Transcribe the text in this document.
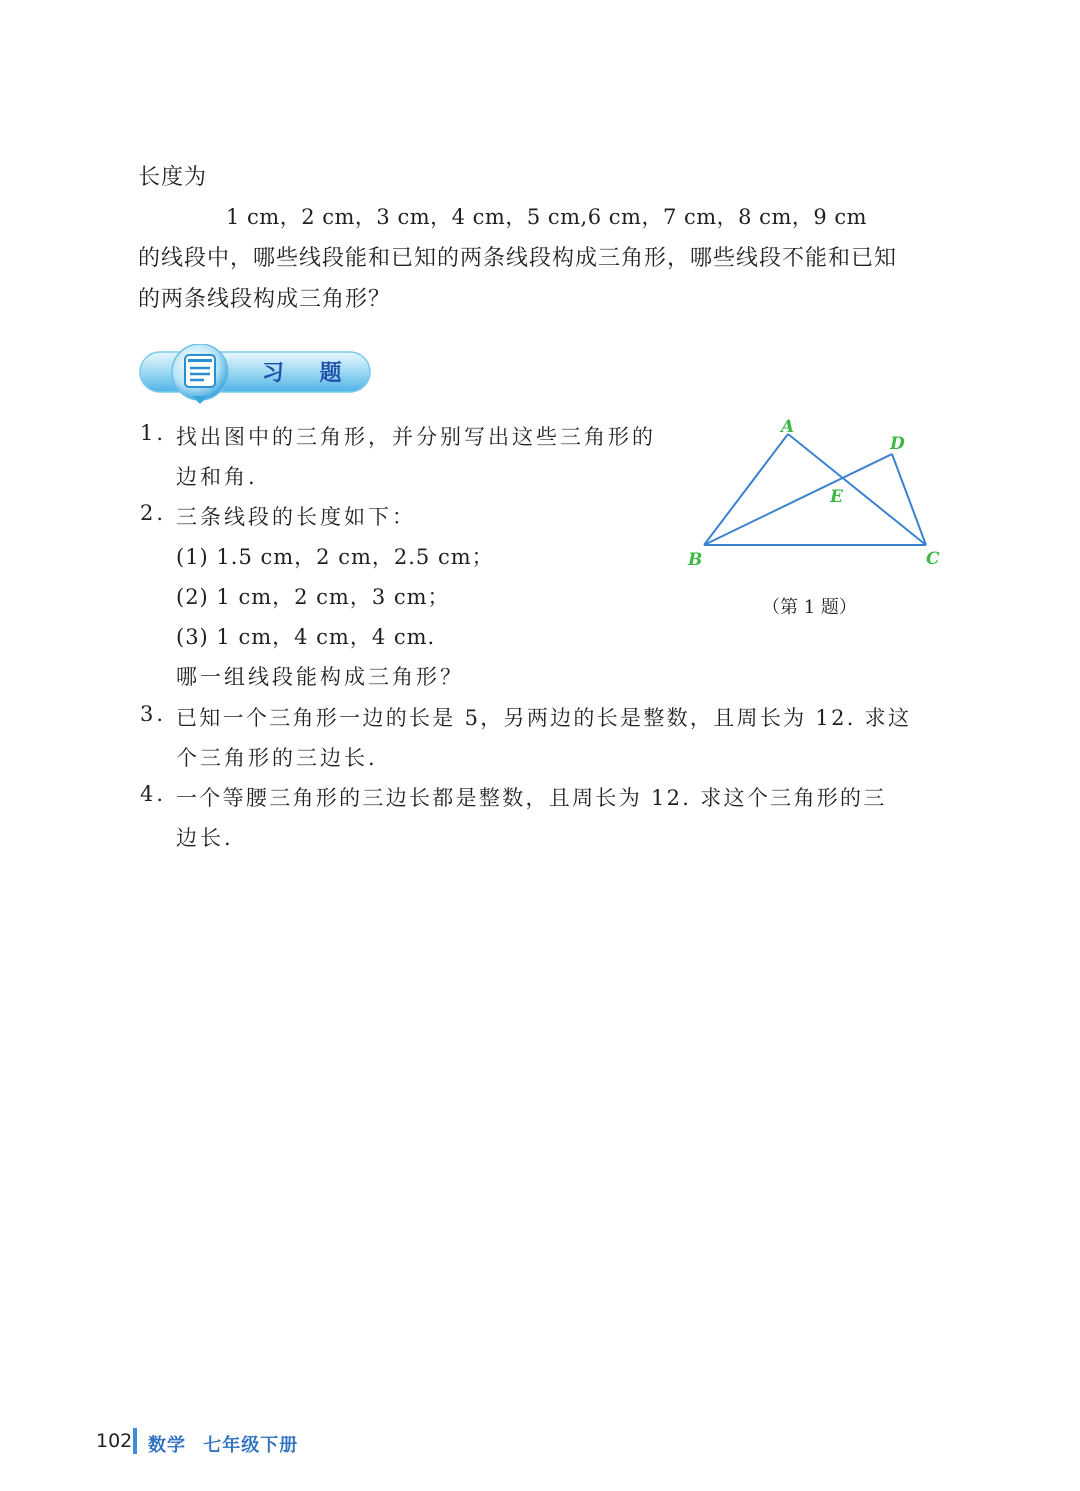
长度为
1 cm，2 cm，3 cm，4 cm，5 cm,6 cm，7 cm，8 cm，9 cm
的线段中，哪些线段能和已知的两条线段构成三角形，哪些线段不能和已知
的两条线段构成三角形？
习 题
1. 找出图中的三角形，并分别写出这些三角形的
边和角.
2. 三条线段的长度如下：
(1) 1.5 cm，2 cm，2.5 cm；
(2) 1 cm，2 cm，3 cm；
(3) 1 cm，4 cm，4 cm.
哪一组线段能构成三角形？
3. 已知一个三角形一边的长是 5，另两边的长是整数，且周长为 12. 求这
个三角形的三边长.
4. 一个等腰三角形的三边长都是整数，且周长为 12. 求这个三角形的三
边长.
A
B	C
D
E
（第 1 题）
102 数学 七年级下册
